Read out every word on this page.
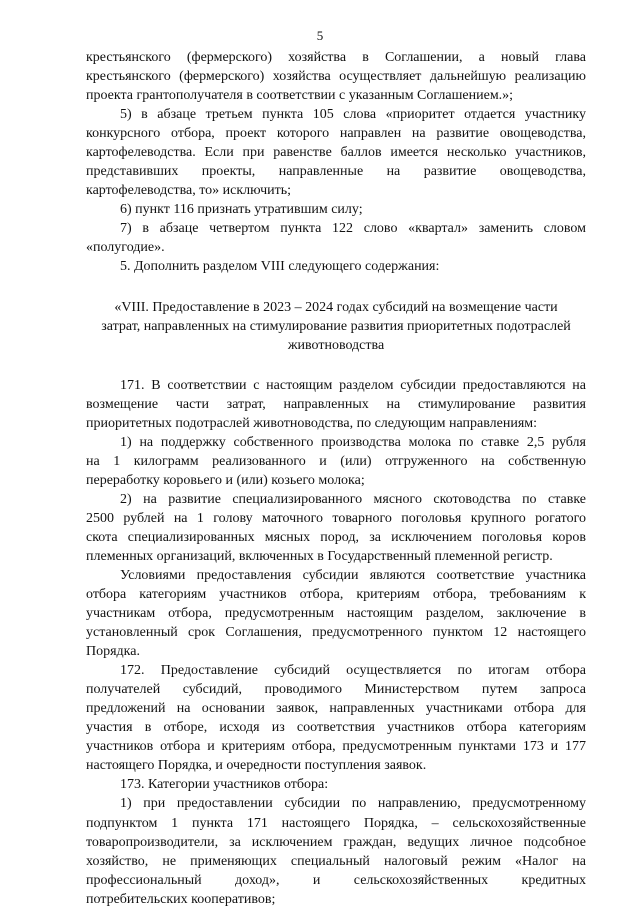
5
крестьянского (фермерского) хозяйства в Соглашении, а новый глава
крестьянского (фермерского) хозяйства осуществляет дальнейшую реализацию
проекта грантополучателя в соответствии с указанным Соглашением.»;
5) в абзаце третьем пункта 105 слова «приоритет отдается участнику
конкурсного отбора, проект которого направлен на развитие овощеводства,
картофелеводства. Если при равенстве баллов имеется несколько участников,
представивших проекты, направленные на развитие овощеводства,
картофелеводства, то» исключить;
6) пункт 116 признать утратившим силу;
7) в абзаце четвертом пункта 122 слово «квартал» заменить словом
«полугодие».
5. Дополнить разделом VIII следующего содержания:
«VIII. Предоставление в 2023 – 2024 годах субсидий на возмещение части
затрат, направленных на стимулирование развития приоритетных подотраслей
животноводства
171. В соответствии с настоящим разделом субсидии предоставляются на
возмещение части затрат, направленных на стимулирование развития
приоритетных подотраслей животноводства, по следующим направлениям:
1) на поддержку собственного производства молока по ставке 2,5 рубля
на 1 килограмм реализованного и (или) отгруженного на собственную
переработку коровьего и (или) козьего молока;
2) на развитие специализированного мясного скотоводства по ставке
2500 рублей на 1 голову маточного товарного поголовья крупного рогатого
скота специализированных мясных пород, за исключением поголовья коров
племенных организаций, включенных в Государственный племенной регистр.
Условиями предоставления субсидии являются соответствие участника
отбора категориям участников отбора, критериям отбора, требованиям к
участникам отбора, предусмотренным настоящим разделом, заключение в
установленный срок Соглашения, предусмотренного пунктом 12 настоящего
Порядка.
172. Предоставление субсидий осуществляется по итогам отбора
получателей субсидий, проводимого Министерством путем запроса
предложений на основании заявок, направленных участниками отбора для
участия в отборе, исходя из соответствия участников отбора категориям
участников отбора и критериям отбора, предусмотренным пунктами 173 и 177
настоящего Порядка, и очередности поступления заявок.
173. Категории участников отбора:
1) при предоставлении субсидии по направлению, предусмотренному
подпунктом 1 пункта 171 настоящего Порядка, – сельскохозяйственные
товаропроизводители, за исключением граждан, ведущих личное подсобное
хозяйство, не применяющих специальный налоговый режим «Налог на
профессиональный доход», и сельскохозяйственных кредитных
потребительских кооперативов;
